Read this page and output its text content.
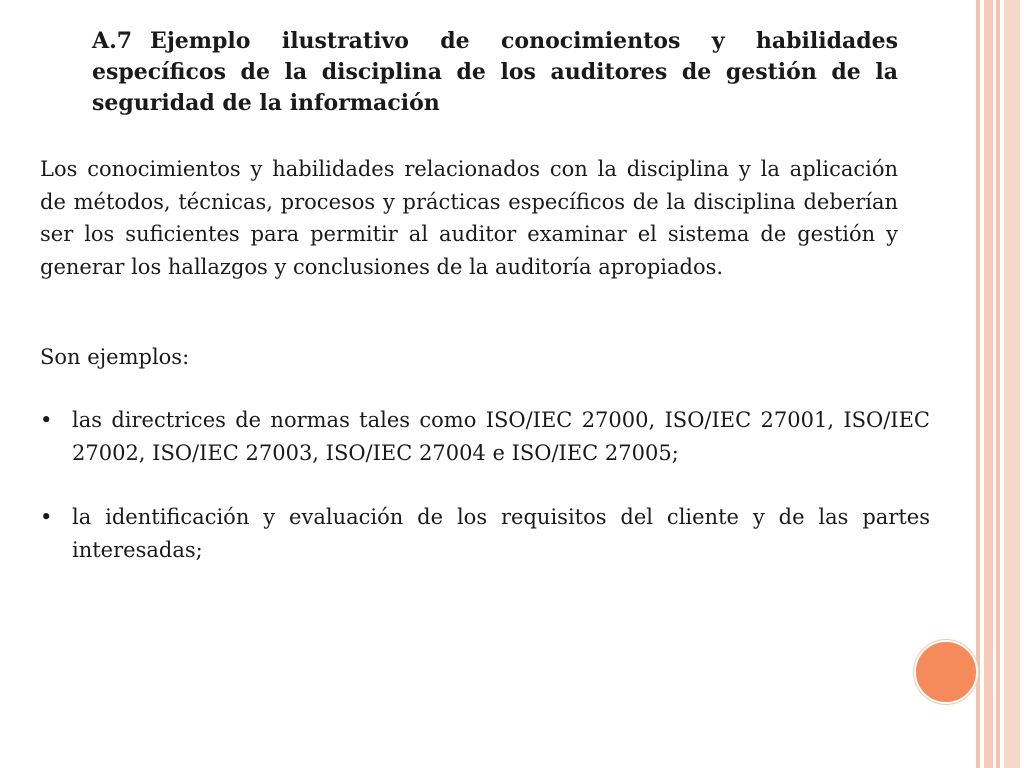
A.7 Ejemplo ilustrativo de conocimientos y habilidades específicos de la disciplina de los auditores de gestión de la seguridad de la información

Los conocimientos y habilidades relacionados con la disciplina y la aplicación de métodos, técnicas, procesos y prácticas específicos de la disciplina deberían ser los suficientes para permitir al auditor examinar el sistema de gestión y generar los hallazgos y conclusiones de la auditoría apropiados.

Son ejemplos:

• las directrices de normas tales como ISO/IEC 27000, ISO/IEC 27001, ISO/IEC 27002, ISO/IEC 27003, ISO/IEC 27004 e ISO/IEC 27005;
• la identificación y evaluación de los requisitos del cliente y de las partes interesadas;
